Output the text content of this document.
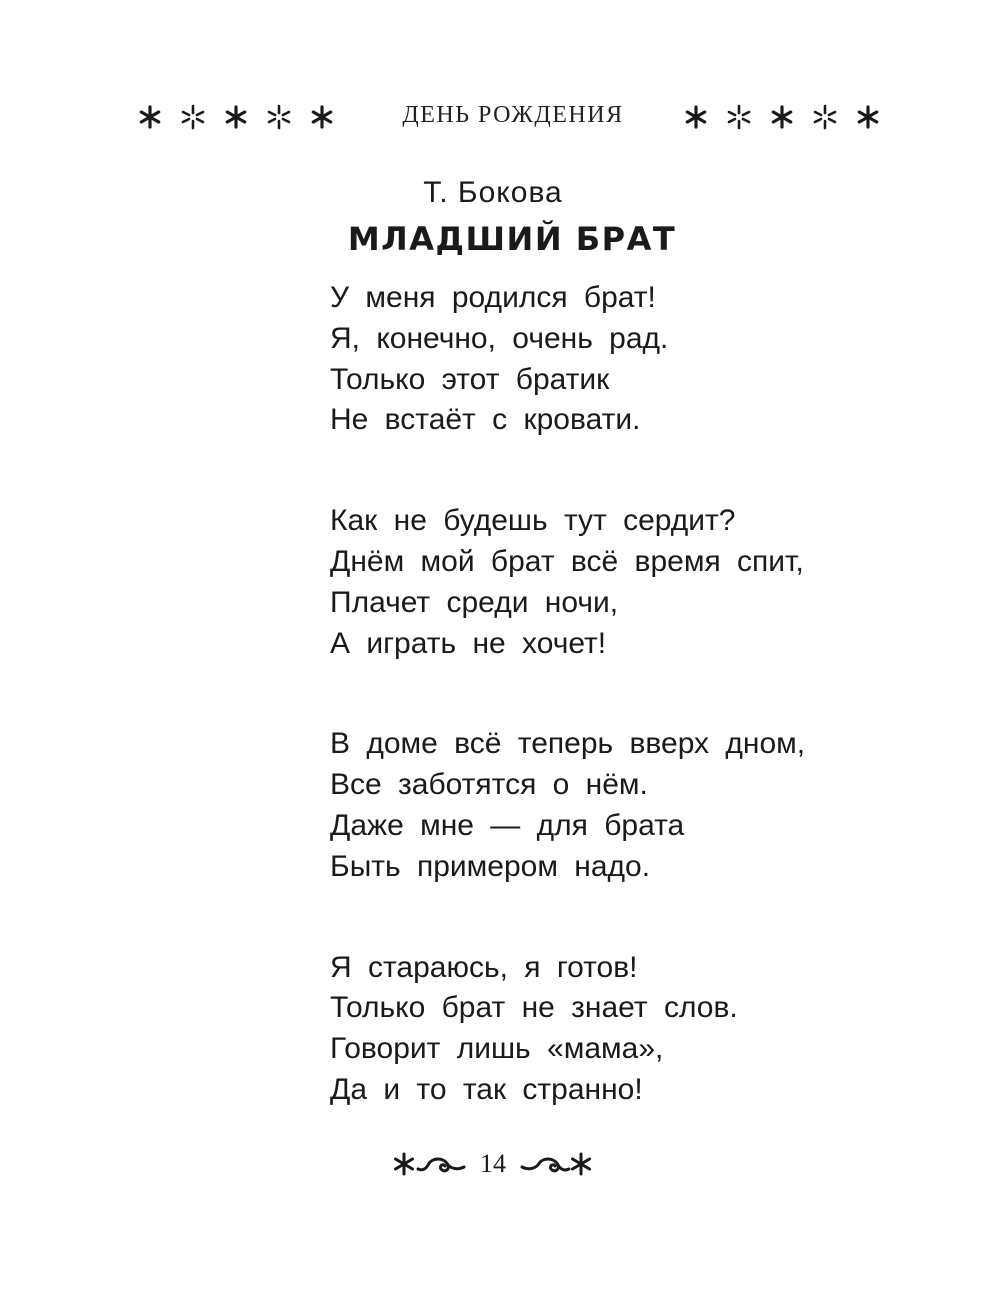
ДЕНЬ РОЖДЕНИЯ
Т. Бокова
МЛАДШИЙ БРАТ
У меня родился брат!
Я, конечно, очень рад.
Только этот братик
Не встаёт с кровати.
Как не будешь тут сердит?
Днём мой брат всё время спит,
Плачет среди ночи,
А играть не хочет!
В доме всё теперь вверх дном,
Все заботятся о нём.
Даже мне — для брата
Быть примером надо.
Я стараюсь, я готов!
Только брат не знает слов.
Говорит лишь «мама»,
Да и то так странно!
14
